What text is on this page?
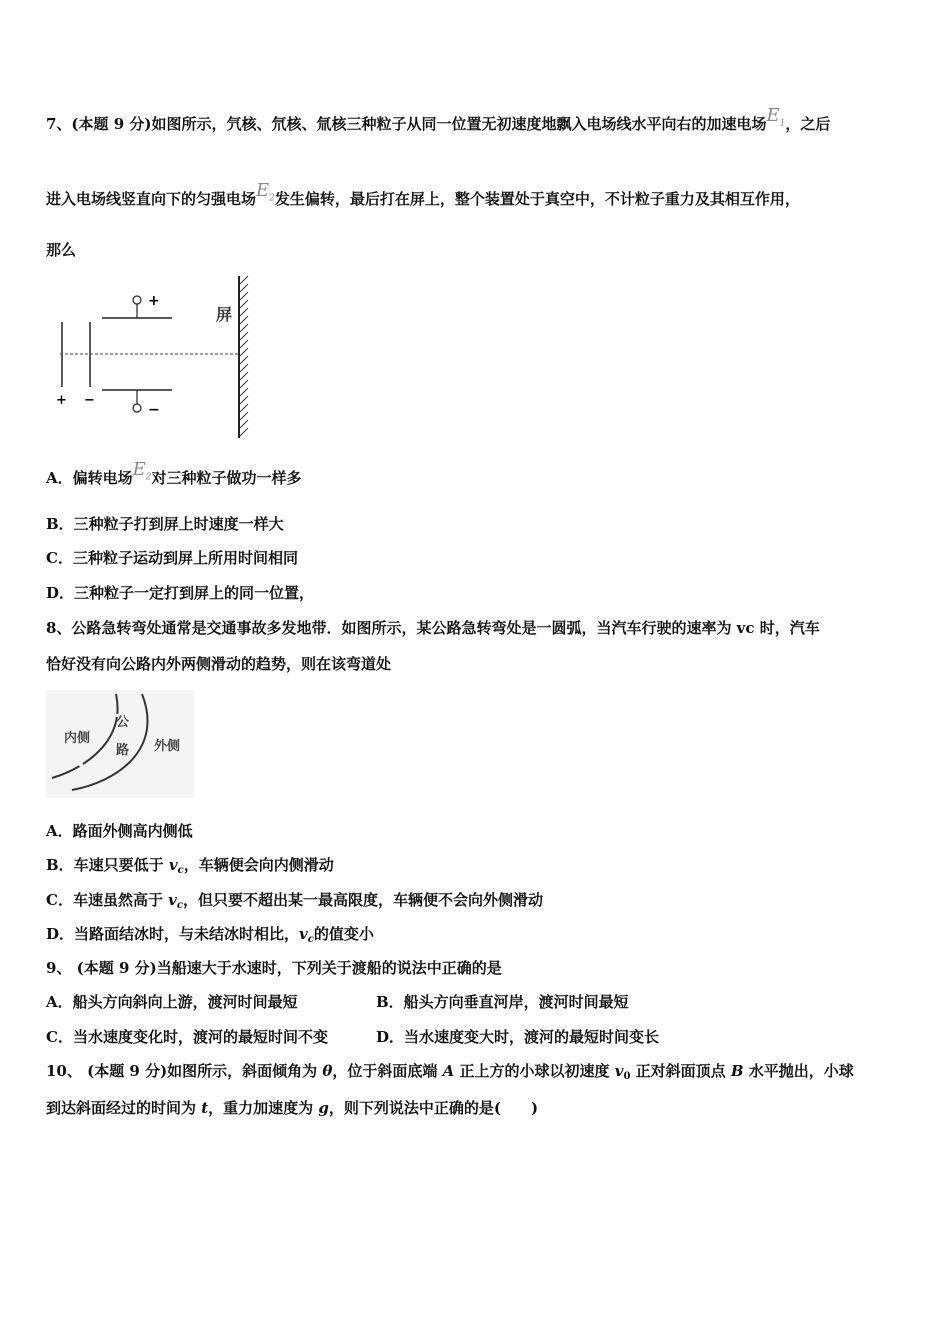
7、(本题 9 分)如图所示，氕核、氘核、氚核三种粒子从同一位置无初速度地飘入电场线水平向右的加速电场$E_1$，之后
进入电场线竖直向下的匀强电场$E_2$发生偏转，最后打在屏上，整个装置处于真空中，不计粒子重力及其相互作用，
那么
+
−
+ −
屏
A．偏转电场$E_2$对三种粒子做功一样多
B．三种粒子打到屏上时速度一样大
C．三种粒子运动到屏上所用时间相同
D．三种粒子一定打到屏上的同一位置，
8、公路急转弯处通常是交通事故多发地带．如图所示，某公路急转弯处是一圆弧，当汽车行驶的速率为 vc 时，汽车
恰好没有向公路内外两侧滑动的趋势，则在该弯道处
内侧
公
路 外侧
A．路面外侧高内侧低
B．车速只要低于 $v_c$，车辆便会向内侧滑动
C．车速虽然高于 $v_c$，但只要不超出某一最高限度，车辆便不会向外侧滑动
D．当路面结冰时，与未结冰时相比，$v_c$的值变小
9、 (本题 9 分)当船速大于水速时，下列关于渡船的说法中正确的是
A．船头方向斜向上游，渡河时间最短	B．船头方向垂直河岸，渡河时间最短
C．当水速度变化时，渡河的最短时间不变	D．当水速度变大时，渡河的最短时间变长
10、 (本题 9 分)如图所示，斜面倾角为 θ，位于斜面底端 A 正上方的小球以初速度 $v_0$ 正对斜面顶点 B 水平抛出，小球
到达斜面经过的时间为 t，重力加速度为 g，则下列说法中正确的是(　　)
